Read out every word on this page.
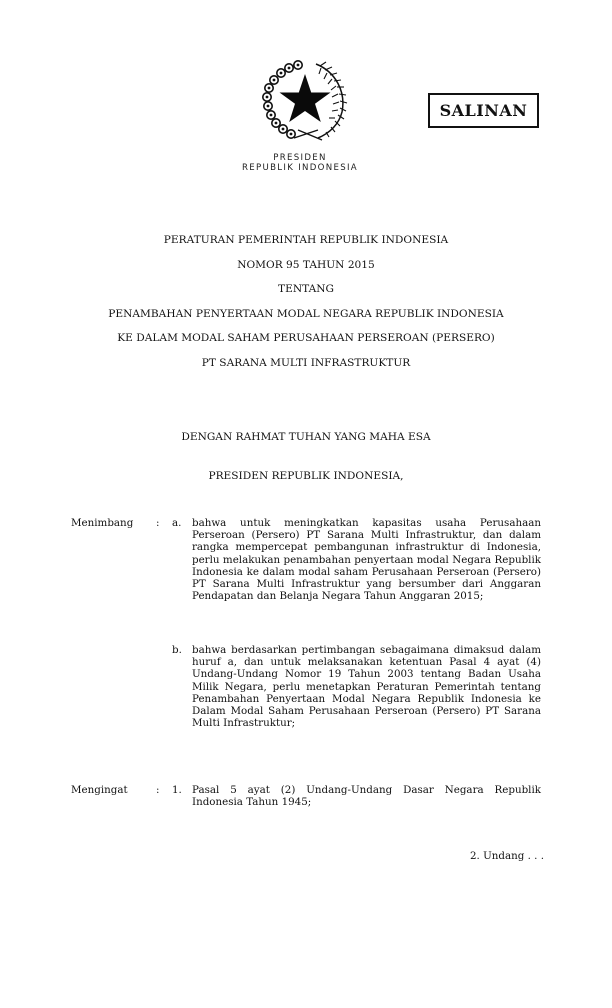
SALINAN
PRESIDEN
REPUBLIK INDONESIA
PERATURAN PEMERINTAH REPUBLIK INDONESIA
NOMOR 95 TAHUN 2015
TENTANG
PENAMBAHAN PENYERTAAN MODAL NEGARA REPUBLIK INDONESIA
KE DALAM MODAL SAHAM PERUSAHAAN PERSEROAN (PERSERO)
PT SARANA MULTI INFRASTRUKTUR
DENGAN RAHMAT TUHAN YANG MAHA ESA
PRESIDEN REPUBLIK INDONESIA,
Menimbang : a. bahwa untuk meningkatkan kapasitas usaha Perusahaan Perseroan (Persero) PT Sarana Multi Infrastruktur, dan dalam rangka mempercepat pembangunan infrastruktur di Indonesia, perlu melakukan penambahan penyertaan modal Negara Republik Indonesia ke dalam modal saham Perusahaan Perseroan (Persero) PT Sarana Multi Infrastruktur yang bersumber dari Anggaran Pendapatan dan Belanja Negara Tahun Anggaran 2015;
b. bahwa berdasarkan pertimbangan sebagaimana dimaksud dalam huruf a, dan untuk melaksanakan ketentuan Pasal 4 ayat (4) Undang-Undang Nomor 19 Tahun 2003 tentang Badan Usaha Milik Negara, perlu menetapkan Peraturan Pemerintah tentang Penambahan Penyertaan Modal Negara Republik Indonesia ke Dalam Modal Saham Perusahaan Perseroan (Persero) PT Sarana Multi Infrastruktur;
Mengingat	: 1. Pasal 5 ayat (2) Undang-Undang Dasar Negara Republik Indonesia Tahun 1945;
2. Undang . . .
